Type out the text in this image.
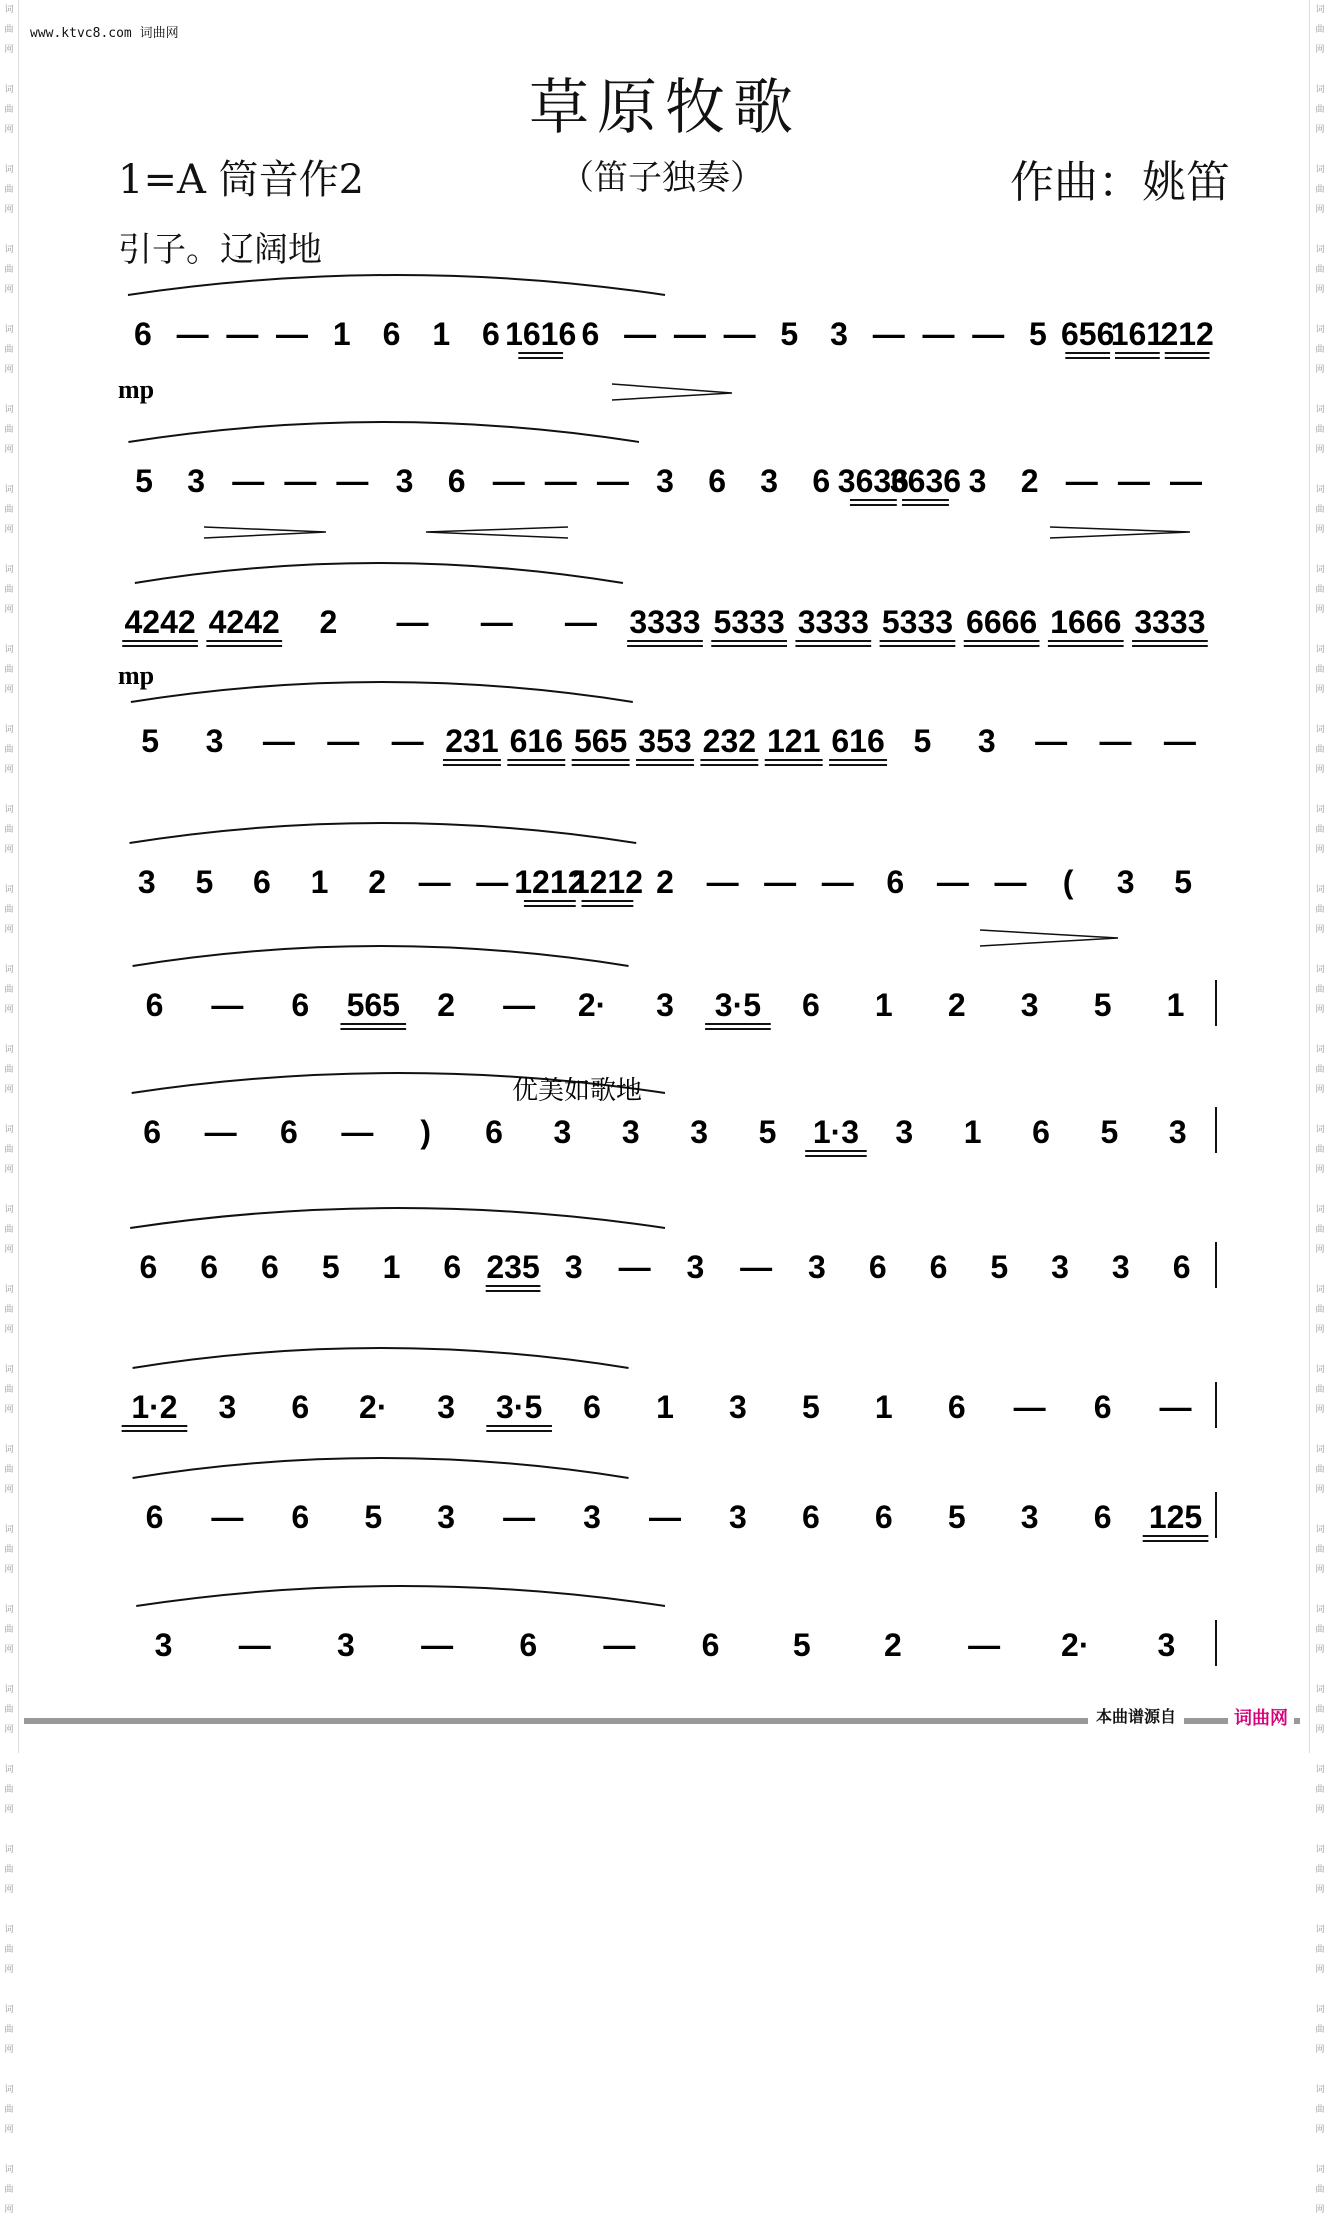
词
曲
网

词
曲
网

词
曲
网

词
曲
网

词
曲
网

词
曲
网

词
曲
网

词
曲
网

词
曲
网

词
曲
网

词
曲
网

词
曲
网

词
曲
网

词
曲
网

词
曲
网

词
曲
网

词
曲
网

词
曲
网

词
曲
网

词
曲
网

词
曲
网

词
曲
网

词
曲
网

词
曲
网

词
曲
网

词
曲
网

词
曲
网

词
曲
网

词
曲
网

词
曲
网

词
曲
网

词
曲
网

词
曲
网

词
曲
网

词
曲
网

词
曲
网

词
曲
网

词
曲
网

词
曲
网

词
曲
网

词
曲
网

词
曲
网

词
曲
网

词
曲
网

词
曲
网

词
曲
网

词
曲
网

词
曲
网

词
曲
网

词
曲
网

词
曲
网

词
曲
网

词
曲
网

词
曲
网

词
曲
网

词
曲
网

www.ktvc8.com 词曲网
草原牧歌
1=A 筒音作2	（笛子独奏）	作曲：姚笛
引子。辽阔地
6 — — — 1 6 1 6 1616 6 — — — 5 3 — — — 5 656
161
212
5 3 — — — 3 6 — — — 3 6 3 6 3636
3636 3 2 — — —
4242 4242 2 — — — 3333 5333 3333 5333 6666 1666 3333
5 3 — — — 231 616 565 353 232 121 616 5 3 — — —
3 5 6 1 2 — — 1212
1212 2 — — — 6 — — ( 3 5
6 — 6 565 2 — 2· 3 3·5 6 1 2 3 5 1
6 — 6 — ) 6 3 3 3 5 1·3 3 1 6 5 3
6 6 6 5 1 6 235 3 — 3 — 3 6 6 5 3 3 6
1·2 3 6 2· 3 3·5 6 1 3 5 1 6 — 6 —
6 — 6 5 3 — 3 — 3 6 6 5 3 6 125
3 — 3 — 6 — 6 5 2 — 2· 3
mp
mp
优美如歌地
本曲谱源自	词曲网
